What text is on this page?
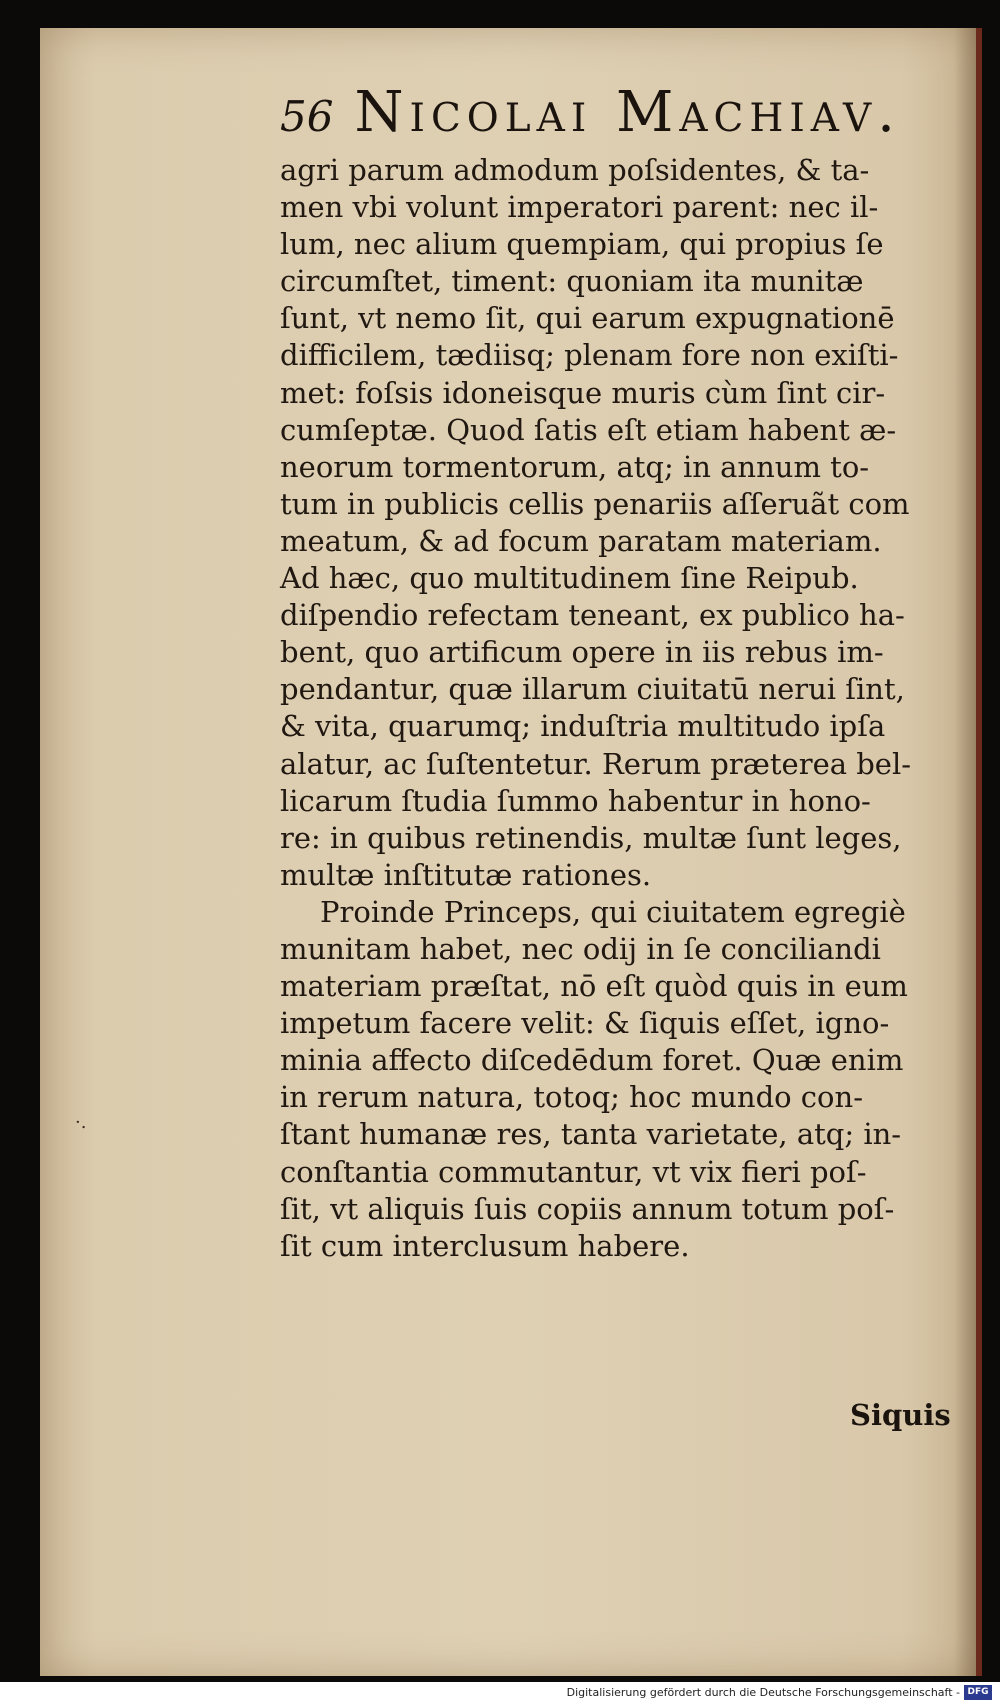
56 Nicolai Machiav.
·.
agri parum admodum poſsidentes, & ta-
men vbi volunt imperatori parent: nec il-
lum, nec alium quempiam, qui propius ſe
circumſtet, timent: quoniam ita munitæ
ſunt, vt nemo ſit, qui earum expugnationē
difficilem, tædiisq; plenam fore non exiſti-
met: foſsis idoneisque muris cùm ſint cir-
cumſeptæ. Quod ſatis eſt etiam habent æ-
neorum tormentorum, atq; in annum to-
tum in publicis cellis penariis aſſeruãt com
meatum, & ad focum paratam materiam.
Ad hæc, quo multitudinem ſine Reipub.
diſpendio refectam teneant, ex publico ha-
bent, quo artificum opere in iis rebus im-
pendantur, quæ illarum ciuitatū nerui ſint,
& vita, quarumq; induſtria multitudo ipſa
alatur, ac ſuſtentetur. Rerum præterea bel-
licarum ſtudia ſummo habentur in hono-
re: in quibus retinendis, multæ ſunt leges,
multæ inſtitutæ rationes.
Proinde Princeps, qui ciuitatem egregiè
munitam habet, nec odij in ſe conciliandi
materiam præſtat, nō eſt quòd quis in eum
impetum facere velit: & ſiquis eſſet, igno-
minia affecto diſcedēdum foret. Quæ enim
in rerum natura, totoq; hoc mundo con-
ſtant humanæ res, tanta varietate, atq; in-
conſtantia commutantur, vt vix fieri poſ-
ſit, vt aliquis ſuis copiis annum totum poſ-
ſit cum interclusum habere.
Siquis
Digitalisierung gefördert durch die Deutsche Forschungsgemeinschaft - DFG
